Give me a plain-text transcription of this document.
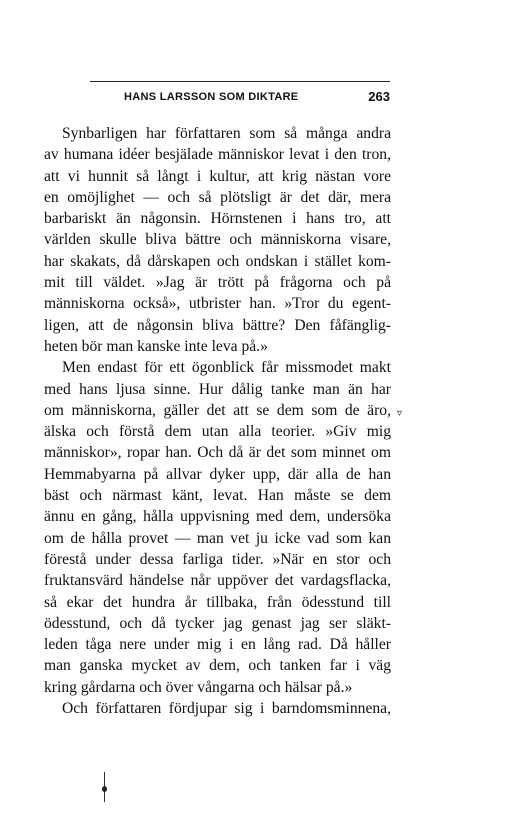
HANS LARSSON SOM DIKTARE	263

Synbarligen har författaren som så många andra
av humana idéer besjälade människor levat i den tron,
att vi hunnit så långt i kultur, att krig nästan vore
en omöjlighet — och så plötsligt är det där, mera
barbariskt än någonsin. Hörnstenen i hans tro, att
världen skulle bliva bättre och människorna visare,
har skakats, då dårskapen och ondskan i stället kom-
mit till väldet. »Jag är trött på frågorna och på
människorna också», utbrister han. »Tror du egent-
ligen, att de någonsin bliva bättre? Den fåfänglig-
heten bör man kanske inte leva på.»

Men endast för ett ögonblick får missmodet makt
med hans ljusa sinne. Hur dålig tanke man än har
om människorna, gäller det att se dem som de äro,
älska och förstå dem utan alla teorier. »Giv mig
människor», ropar han. Och då är det som minnet om
Hemmabyarna på allvar dyker upp, där alla de han
bäst och närmast känt, levat. Han måste se dem
ännu en gång, hålla uppvisning med dem, undersöka
om de hålla provet — man vet ju icke vad som kan
förestå under dessa farliga tider. »När en stor och
fruktansvärd händelse når uppöver det vardagsflacka,
så ekar det hundra år tillbaka, från ödesstund till
ödesstund, och då tycker jag genast jag ser släkt-
leden tåga nere under mig i en lång rad. Då håller
man ganska mycket av dem, och tanken far i väg
kring gårdarna och över vångarna och hälsar på.»

Och författaren fördjupar sig i barndomsminnena,

▿
